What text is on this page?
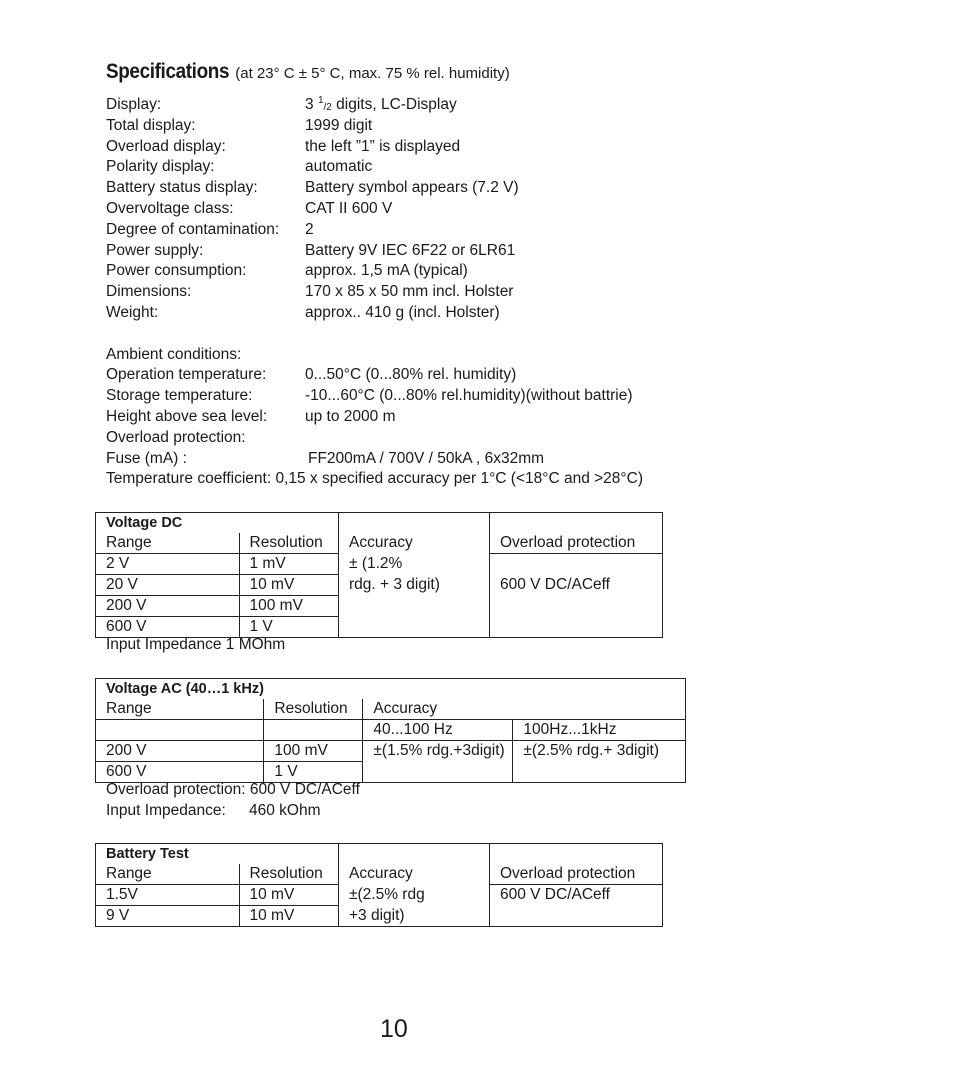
Specifications (at 23° C ± 5° C, max. 75 % rel. humidity)
Display:	3 $^1_{/2}$ digits, LC-Display
Total display:	1999 digit
Overload display:	the left ”1” is displayed
Polarity display:	automatic
Battery status display:	Battery symbol appears (7.2 V)
Overvoltage class:	CAT II 600 V
Degree of contamination: 2
Power supply:	Battery 9V IEC 6F22 or 6LR61
Power consumption:	approx. 1,5 mA (typical)
Dimensions:	170 x 85 x 50 mm incl. Holster
Weight:	approx.. 410 g (incl. Holster)
Ambient conditions:
Operation temperature: 0...50°C (0...80% rel. humidity)
Storage temperature:	-10...60°C (0...80% rel.humidity)(without battrie)
Height above sea level: up to 2000 m
Overload protection:
Fuse (mA) :	FF200mA / 700V / 50kA , 6x32mm
Temperature coefficient: 0,15 x specified accuracy per 1°C (<18°C and >28°C)
Voltage DC			
Range	Resolution	Accuracy	Overload protection
2 V	1 mV	± (1.2%	
20 V	10 mV	rdg. + 3 digit)	600 V DC/ACeff
200 V	100 mV		
600 V	1 V		
Input Impedance 1 MOhm
Voltage AC (40…1 kHz)			
Range	Resolution	Accuracy	
		40...100 Hz	100Hz...1kHz
200 V	100 mV	±(1.5% rdg.+3digit)	±(2.5% rdg.+ 3digit)
600 V	1 V		
Overload protection: 600 V DC/ACeff
Input Impedance: 460 kOhm
Battery Test			
Range	Resolution	Accuracy	Overload protection
1.5V	10 mV	±(2.5% rdg	600 V DC/ACeff
9 V	10 mV	+3 digit)	
10
